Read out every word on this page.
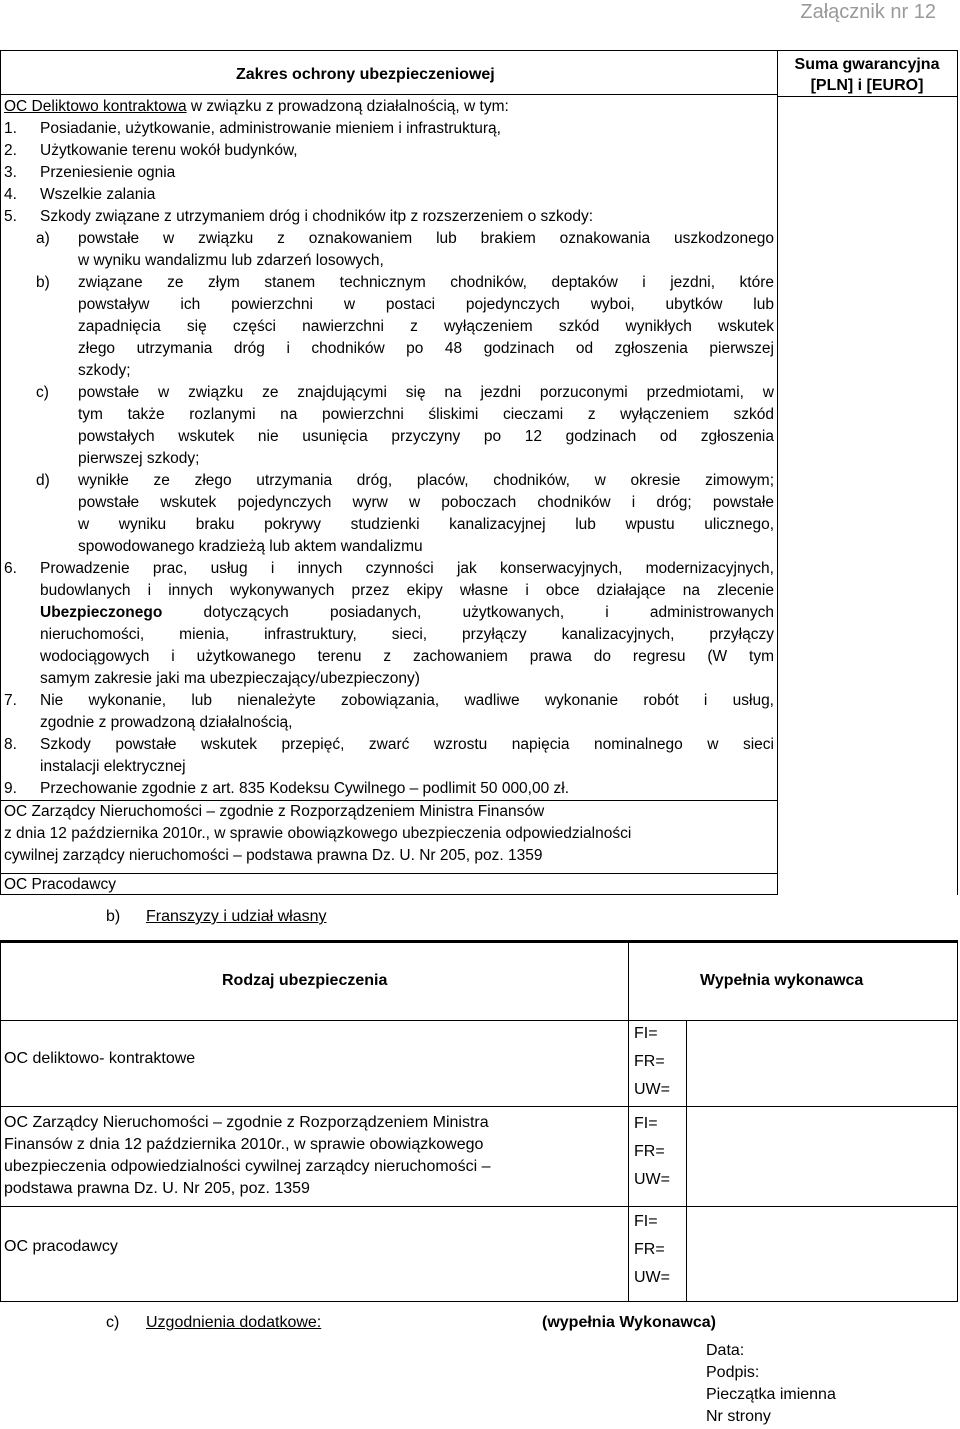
Załącznik nr 12
Zakres ochrony ubezpieczeniowej
Suma gwarancyjna
[PLN] i [EURO]
OC Deliktowo kontraktowa w związku z prowadzoną działalnością, w tym:
1. Posiadanie, użytkowanie, administrowanie mieniem i infrastrukturą,
2. Użytkowanie terenu wokół budynków,
3. Przeniesienie ognia
4. Wszelkie zalania
5. Szkody związane z utrzymaniem dróg i chodników itp z rozszerzeniem o szkody:
a) powstałe w związku z oznakowaniem lub brakiem oznakowania uszkodzonego
w wyniku wandalizmu lub zdarzeń losowych,
b) związane ze złym stanem technicznym chodników, deptaków i jezdni, które
powstaływ ich powierzchni w postaci pojedynczych wyboi, ubytków lub
zapadnięcia się części nawierzchni z wyłączeniem szkód wynikłych wskutek
złego utrzymania dróg i chodników po 48 godzinach od zgłoszenia pierwszej
szkody;
c) powstałe w związku ze znajdującymi się na jezdni porzuconymi przedmiotami, w
tym także rozlanymi na powierzchni śliskimi cieczami z wyłączeniem szkód
powstałych wskutek nie usunięcia przyczyny po 12 godzinach od zgłoszenia
pierwszej szkody;
d) wynikłe ze złego utrzymania dróg, placów, chodników, w okresie zimowym;
powstałe wskutek pojedynczych wyrw w poboczach chodników i dróg; powstałe
w wyniku braku pokrywy studzienki kanalizacyjnej lub wpustu ulicznego,
spowodowanego kradzieżą lub aktem wandalizmu
6. Prowadzenie prac, usług i innych czynności jak konserwacyjnych, modernizacyjnych,
budowlanych i innych wykonywanych przez ekipy własne i obce działające na zlecenie
Ubezpieczonego dotyczących posiadanych, użytkowanych, i administrowanych
nieruchomości, mienia, infrastruktury, sieci, przyłączy kanalizacyjnych, przyłączy
wodociągowych i użytkowanego terenu z zachowaniem prawa do regresu (W tym
samym zakresie jaki ma ubezpieczający/ubezpieczony)
7. Nie wykonanie, lub nienależyte zobowiązania, wadliwe wykonanie robót i usług,
zgodnie z prowadzoną działalnością,
8. Szkody powstałe wskutek przepięć, zwarć wzrostu napięcia nominalnego w sieci
instalacji elektrycznej
9. Przechowanie zgodnie z art. 835 Kodeksu Cywilnego – podlimit 50 000,00 zł.
OC Zarządcy Nieruchomości – zgodnie z Rozporządzeniem Ministra Finansów
z dnia 12 października 2010r., w sprawie obowiązkowego ubezpieczenia odpowiedzialności
cywilnej zarządcy nieruchomości – podstawa prawna Dz. U. Nr 205, poz. 1359
OC Pracodawcy
b) Franszyzy i udział własny
Rodzaj ubezpieczenia	Wypełnia wykonawca
OC deliktowo- kontraktowe
FI=
FR=
UW=
OC Zarządcy Nieruchomości – zgodnie z Rozporządzeniem Ministra
Finansów z dnia 12 października 2010r., w sprawie obowiązkowego
ubezpieczenia odpowiedzialności cywilnej zarządcy nieruchomości –
podstawa prawna Dz. U. Nr 205, poz. 1359
FI=
FR=
UW=
OC pracodawcy
FI=
FR=
UW=
c) Uzgodnienia dodatkowe:	(wypełnia Wykonawca)
Data:
Podpis:
Pieczątka imienna
Nr strony
